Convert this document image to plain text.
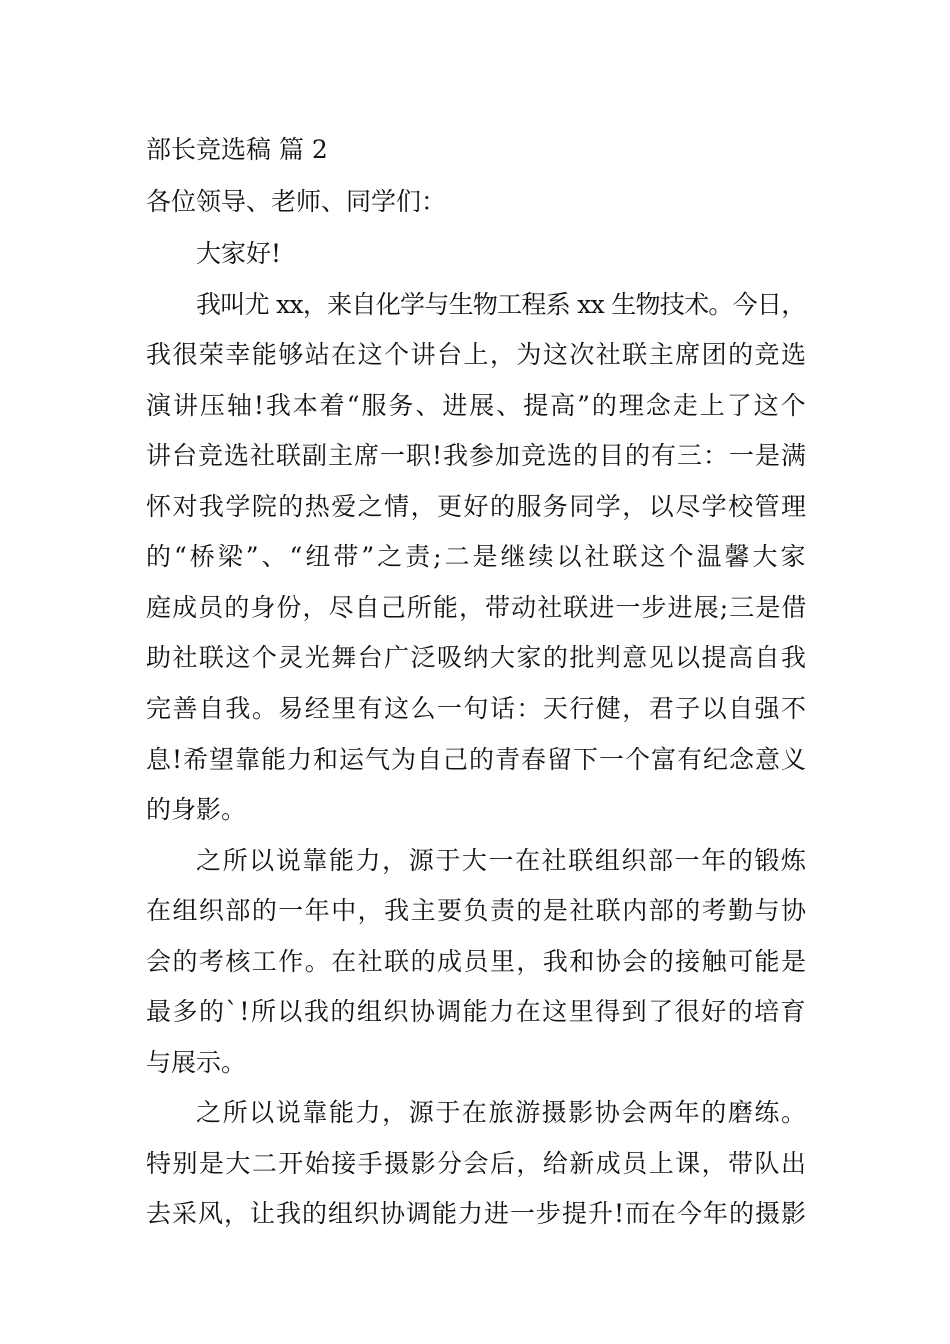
部长竞选稿 篇 2
各位领导、老师、同学们：
大家好!
我叫尤 xx，来自化学与生物工程系 xx 生物技术。今日，
我很荣幸能够站在这个讲台上，为这次社联主席团的竞选
演讲压轴!我本着“服务、进展、提高”的理念走上了这个
讲台竞选社联副主席一职!我参加竞选的目的有三：一是满
怀对我学院的热爱之情，更好的服务同学，以尽学校管理
的“桥梁”、“纽带”之责;二是继续以社联这个温馨大家
庭成员的身份，尽自己所能，带动社联进一步进展;三是借
助社联这个灵光舞台广泛吸纳大家的批判意见以提高自我
完善自我。易经里有这么一句话：天行健，君子以自强不
息!希望靠能力和运气为自己的青春留下一个富有纪念意义
的身影。
之所以说靠能力，源于大一在社联组织部一年的锻炼
在组织部的一年中，我主要负责的是社联内部的考勤与协
会的考核工作。在社联的成员里，我和协会的接触可能是
最多的`!所以我的组织协调能力在这里得到了很好的培育
与展示。
之所以说靠能力，源于在旅游摄影协会两年的磨练。
特别是大二开始接手摄影分会后，给新成员上课，带队出
去采风，让我的组织协调能力进一步提升!而在今年的摄影
